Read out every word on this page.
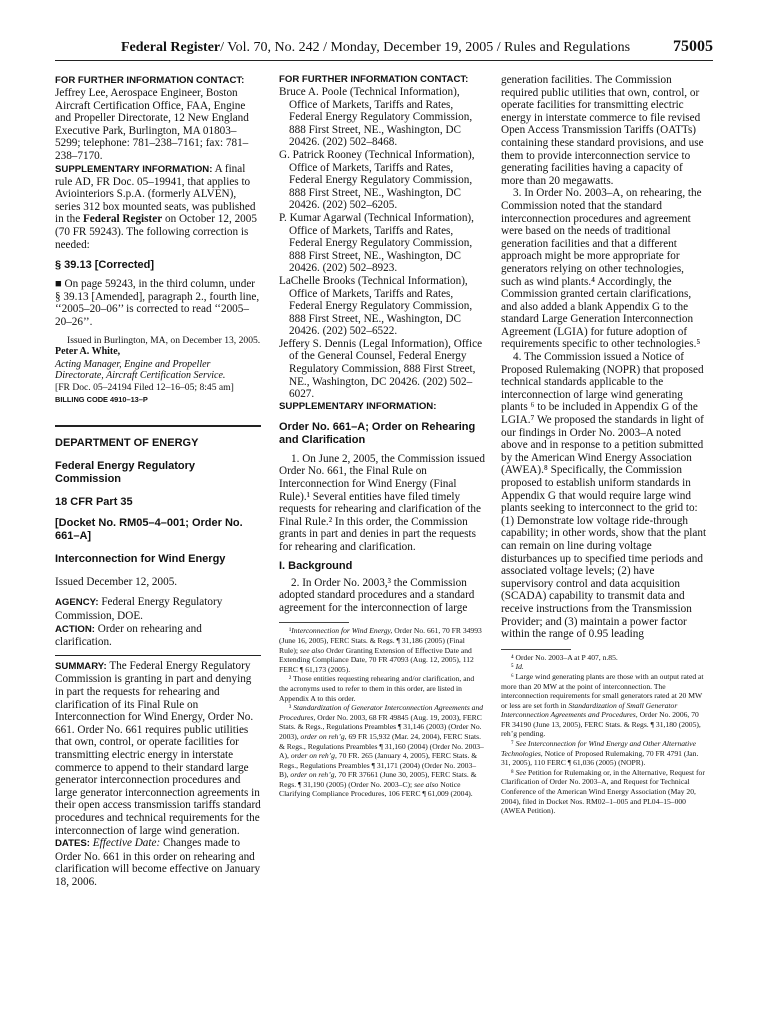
Federal Register/ Vol. 70, No. 242 / Monday, December 19, 2005 / Rules and Regulations	75005

FOR FURTHER INFORMATION CONTACT:
Jeffrey Lee, Aerospace Engineer, Boston Aircraft Certification Office, FAA, Engine and Propeller Directorate, 12 New England Executive Park, Burlington, MA 01803–5299; telephone: 781–238–7161; fax: 781–238–7170.

SUPPLEMENTARY INFORMATION: A final rule AD, FR Doc. 05–19941, that applies to Aviointeriors S.p.A. (formerly ALVEN), series 312 box mounted seats, was published in the Federal Register on October 12, 2005 (70 FR 59243). The following correction is needed:

§ 39.13 [Corrected]

■ On page 59243, in the third column, under § 39.13 [Amended], paragraph 2., fourth line, ‘‘2005–20–06’’ is corrected to read ‘‘2005–20–26’’.

Issued in Burlington, MA, on December 13, 2005.

Peter A. White,

Acting Manager, Engine and Propeller Directorate, Aircraft Certification Service.

[FR Doc. 05–24194 Filed 12–16–05; 8:45 am]

BILLING CODE 4910–13–P

DEPARTMENT OF ENERGY

Federal Energy Regulatory Commission

18 CFR Part 35

[Docket No. RM05–4–001; Order No. 661–A]

Interconnection for Wind Energy

Issued December 12, 2005.

AGENCY: Federal Energy Regulatory Commission, DOE.

ACTION: Order on rehearing and clarification.

SUMMARY: The Federal Energy Regulatory Commission is granting in part and denying in part the requests for rehearing and clarification of its Final Rule on Interconnection for Wind Energy, Order No. 661. Order No. 661 requires public utilities that own, control, or operate facilities for transmitting electric energy in interstate commerce to append to their standard large generator interconnection procedures and large generator interconnection agreements in their open access transmission tariffs standard procedures and technical requirements for the interconnection of large wind generation.

DATES: Effective Date: Changes made to Order No. 661 in this order on rehearing and clarification will become effective on January 18, 2006.

FOR FURTHER INFORMATION CONTACT:

Bruce A. Poole (Technical Information), Office of Markets, Tariffs and Rates, Federal Energy Regulatory Commission, 888 First Street, NE., Washington, DC 20426. (202) 502–8468.

G. Patrick Rooney (Technical Information), Office of Markets, Tariffs and Rates, Federal Energy Regulatory Commission, 888 First Street, NE., Washington, DC 20426. (202) 502–6205.

P. Kumar Agarwal (Technical Information), Office of Markets, Tariffs and Rates, Federal Energy Regulatory Commission, 888 First Street, NE., Washington, DC 20426. (202) 502–8923.

LaChelle Brooks (Technical Information), Office of Markets, Tariffs and Rates, Federal Energy Regulatory Commission, 888 First Street, NE., Washington, DC 20426. (202) 502–6522.

Jeffery S. Dennis (Legal Information), Office of the General Counsel, Federal Energy Regulatory Commission, 888 First Street, NE., Washington, DC 20426. (202) 502–6027.

SUPPLEMENTARY INFORMATION:

Order No. 661–A; Order on Rehearing and Clarification

1. On June 2, 2005, the Commission issued Order No. 661, the Final Rule on Interconnection for Wind Energy (Final Rule).¹ Several entities have filed timely requests for rehearing and clarification of the Final Rule.² In this order, the Commission grants in part and denies in part the requests for rehearing and clarification.

I. Background

2. In Order No. 2003,³ the Commission adopted standard procedures and a standard agreement for the interconnection of large

¹Interconnection for Wind Energy, Order No. 661, 70 FR 34993 (June 16, 2005), FERC Stats. & Regs. ¶ 31,186 (2005) (Final Rule); see also Order Granting Extension of Effective Date and Extending Compliance Date, 70 FR 47093 (Aug. 12, 2005), 112 FERC ¶ 61,173 (2005).

² Those entities requesting rehearing and/or clarification, and the acronyms used to refer to them in this order, are listed in Appendix A to this order.

³ Standardization of Generator Interconnection Agreements and Procedures, Order No. 2003, 68 FR 49845 (Aug. 19, 2003), FERC Stats. & Regs., Regulations Preambles ¶ 31,146 (2003) (Order No. 2003), order on reh’g, 69 FR 15,932 (Mar. 24, 2004), FERC Stats. & Regs., Regulations Preambles ¶ 31,160 (2004) (Order No. 2003–A), order on reh’g, 70 FR. 265 (January 4, 2005), FERC Stats. & Regs., Regulations Preambles ¶ 31,171 (2004) (Order No. 2003–B), order on reh’g, 70 FR 37661 (June 30, 2005), FERC Stats. & Regs. ¶ 31,190 (2005) (Order No. 2003–C); see also Notice Clarifying Compliance Procedures, 106 FERC ¶ 61,009 (2004).

generation facilities. The Commission required public utilities that own, control, or operate facilities for transmitting electric energy in interstate commerce to file revised Open Access Transmission Tariffs (OATTs) containing these standard provisions, and use them to provide interconnection service to generating facilities having a capacity of more than 20 megawatts.

3. In Order No. 2003–A, on rehearing, the Commission noted that the standard interconnection procedures and agreement were based on the needs of traditional generation facilities and that a different approach might be more appropriate for generators relying on other technologies, such as wind plants.⁴ Accordingly, the Commission granted certain clarifications, and also added a blank Appendix G to the standard Large Generation Interconnection Agreement (LGIA) for future adoption of requirements specific to other technologies.⁵

4. The Commission issued a Notice of Proposed Rulemaking (NOPR) that proposed technical standards applicable to the interconnection of large wind generating plants ⁶ to be included in Appendix G of the LGIA.⁷ We proposed the standards in light of our findings in Order No. 2003–A noted above and in response to a petition submitted by the American Wind Energy Association (AWEA).⁸ Specifically, the Commission proposed to establish uniform standards in Appendix G that would require large wind plants seeking to interconnect to the grid to: (1) Demonstrate low voltage ride-through capability; in other words, show that the plant can remain on line during voltage disturbances up to specified time periods and associated voltage levels; (2) have supervisory control and data acquisition (SCADA) capability to transmit data and receive instructions from the Transmission Provider; and (3) maintain a power factor within the range of 0.95 leading

⁴ Order No. 2003–A at P 407, n.85.

⁵ Id.

⁶ Large wind generating plants are those with an output rated at more than 20 MW at the point of interconnection. The interconnection requirements for small generators rated at 20 MW or less are set forth in Standardization of Small Generator Interconnection Agreements and Procedures, Order No. 2006, 70 FR 34190 (June 13, 2005), FERC Stats. & Regs. ¶ 31,180 (2005), reh’g pending.

⁷ See Interconnection for Wind Energy and Other Alternative Technologies, Notice of Proposed Rulemaking, 70 FR 4791 (Jan. 31, 2005), 110 FERC ¶ 61,036 (2005) (NOPR).

⁸ See Petition for Rulemaking or, in the Alternative, Request for Clarification of Order No. 2003–A, and Request for Technical Conference of the American Wind Energy Association (May 20, 2004), filed in Docket Nos. RM02–1–005 and PL04–15–000 (AWEA Petition).
